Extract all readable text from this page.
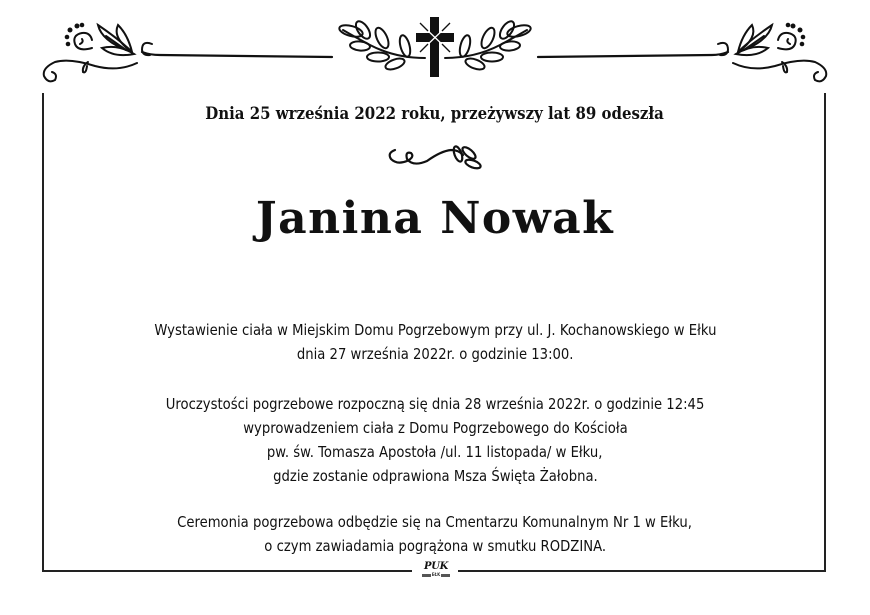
Dnia 25 września 2022 roku, przeżywszy lat 89 odeszła
Janina Nowak
Wystawienie ciała w Miejskim Domu Pogrzebowym przy ul. J. Kochanowskiego w Ełku
dnia 27 września 2022r. o godzinie 13:00.
Uroczystości pogrzebowe rozpoczną się dnia 28 września 2022r. o godzinie 12:45
wyprowadzeniem ciała z Domu Pogrzebowego do Kościoła
pw. św. Tomasza Apostoła /ul. 11 listopada/ w Ełku,
gdzie zostanie odprawiona Msza Święta Żałobna.
Ceremonia pogrzebowa odbędzie się na Cmentarzu Komunalnym Nr 1 w Ełku,
o czym zawiadamia pogrążona w smutku RODZINA.
PUK
EŁK
